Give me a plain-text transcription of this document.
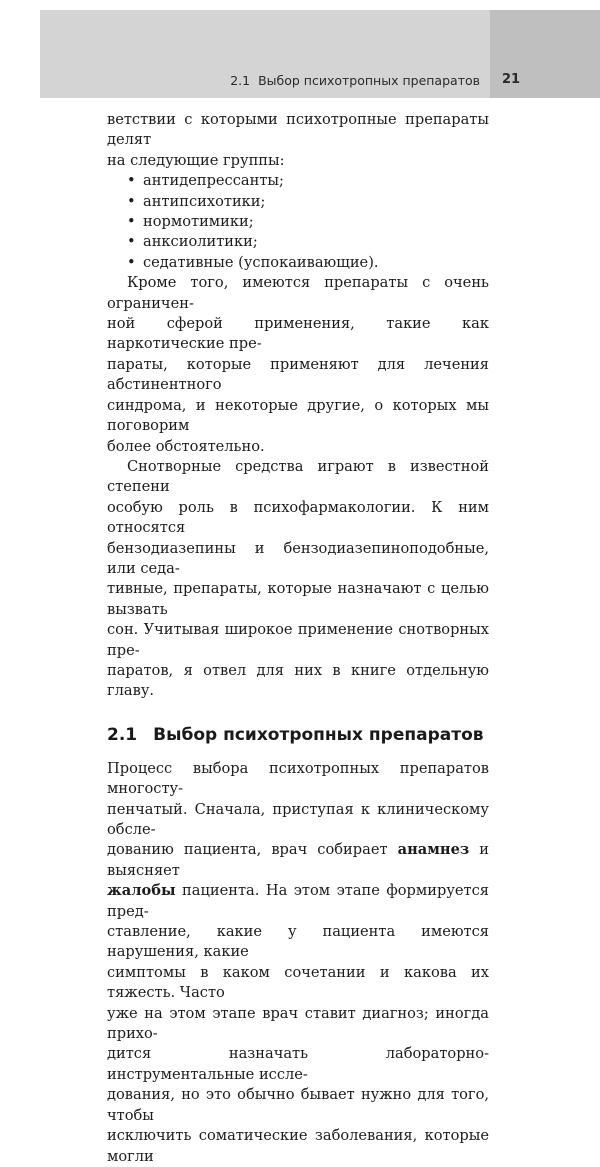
2.1 Выбор психотропных препаратов	21
ветствии с которыми психотропные препараты делят
на следующие группы:
• антидепрессанты;
• антипсихотики;
• нормотимики;
• анксиолитики;
• седативные (успокаивающие).
Кроме того, имеются препараты с очень ограничен-
ной сферой применения, такие как наркотические пре-
параты, которые применяют для лечения абстинентного
синдрома, и некоторые другие, о которых мы поговорим
более обстоятельно.
Снотворные средства играют в известной степени
особую роль в психофармакологии. К ним относятся
бензодиазепины и бензодиазепиноподобные, или седа-
тивные, препараты, которые назначают с целью вызвать
сон. Учитывая широкое применение снотворных пре-
паратов, я отвел для них в книге отдельную главу.
2.1 Выбор психотропных препаратов
Процесс выбора психотропных препаратов многосту-
пенчатый. Сначала, приступая к клиническому обсле-
дованию пациента, врач собирает анамнез и выясняет
жалобы пациента. На этом этапе формируется пред-
ставление, какие у пациента имеются нарушения, какие
симптомы в каком сочетании и какова их тяжесть. Часто
уже на этом этапе врач ставит диагноз; иногда прихо-
дится назначать лабораторно-инструментальные иссле-
дования, но это обычно бывает нужно для того, чтобы
исключить соматические заболевания, которые могли
